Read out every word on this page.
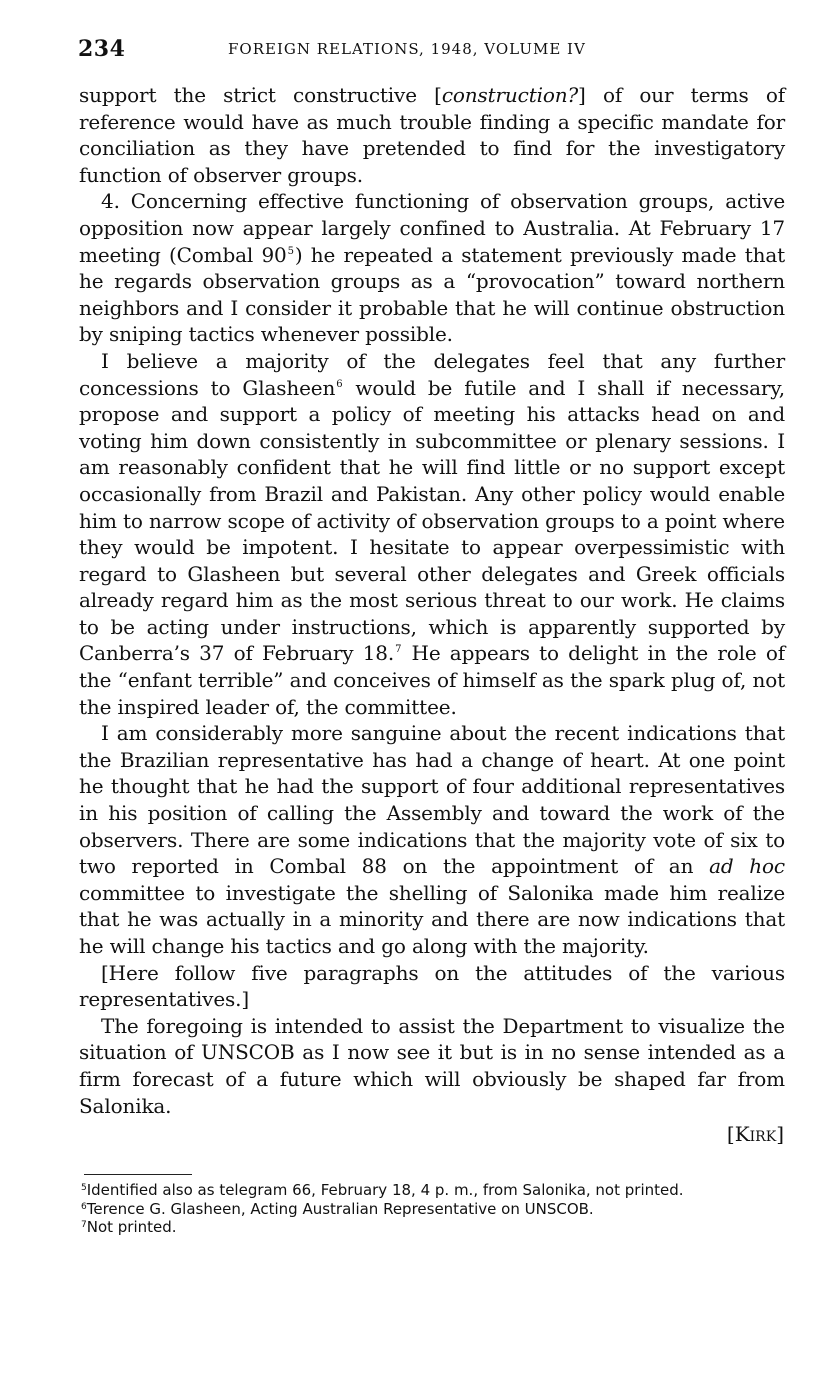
234	FOREIGN RELATIONS, 1948, VOLUME IV

support the strict constructive [construction?] of our terms of reference would have as much trouble finding a specific mandate for conciliation as they have pretended to find for the investigatory function of observer groups.

4. Concerning effective functioning of observation groups, active opposition now appear largely confined to Australia. At February 17 meeting (Combal 90$^5$) he repeated a statement previously made that he regards observation groups as a “provocation” toward northern neighbors and I consider it probable that he will continue obstruction by sniping tactics whenever possible.

I believe a majority of the delegates feel that any further concessions to Glasheen$^6$ would be futile and I shall if necessary, propose and support a policy of meeting his attacks head on and voting him down consistently in subcommittee or plenary sessions. I am reasonably confident that he will find little or no support except occasionally from Brazil and Pakistan. Any other policy would enable him to narrow scope of activity of observation groups to a point where they would be impotent. I hesitate to appear overpessimistic with regard to Glasheen but several other delegates and Greek officials already regard him as the most serious threat to our work. He claims to be acting under instructions, which is apparently supported by Canberra’s 37 of February 18.$^7$ He appears to delight in the role of the “enfant terrible” and conceives of himself as the spark plug of, not the inspired leader of, the committee.

I am considerably more sanguine about the recent indications that the Brazilian representative has had a change of heart. At one point he thought that he had the support of four additional representatives in his position of calling the Assembly and toward the work of the observers. There are some indications that the majority vote of six to two reported in Combal 88 on the appointment of an ad hoc committee to investigate the shelling of Salonika made him realize that he was actually in a minority and there are now indications that he will change his tactics and go along with the majority.

[Here follow five paragraphs on the attitudes of the various representatives.]

The foregoing is intended to assist the Department to visualize the situation of UNSCOB as I now see it but is in no sense intended as a firm forecast of a future which will obviously be shaped far from Salonika.

[Kirk]

$^5$Identified also as telegram 66, February 18, 4 p. m., from Salonika, not printed.

$^6$Terence G. Glasheen, Acting Australian Representative on UNSCOB.

$^7$Not printed.
